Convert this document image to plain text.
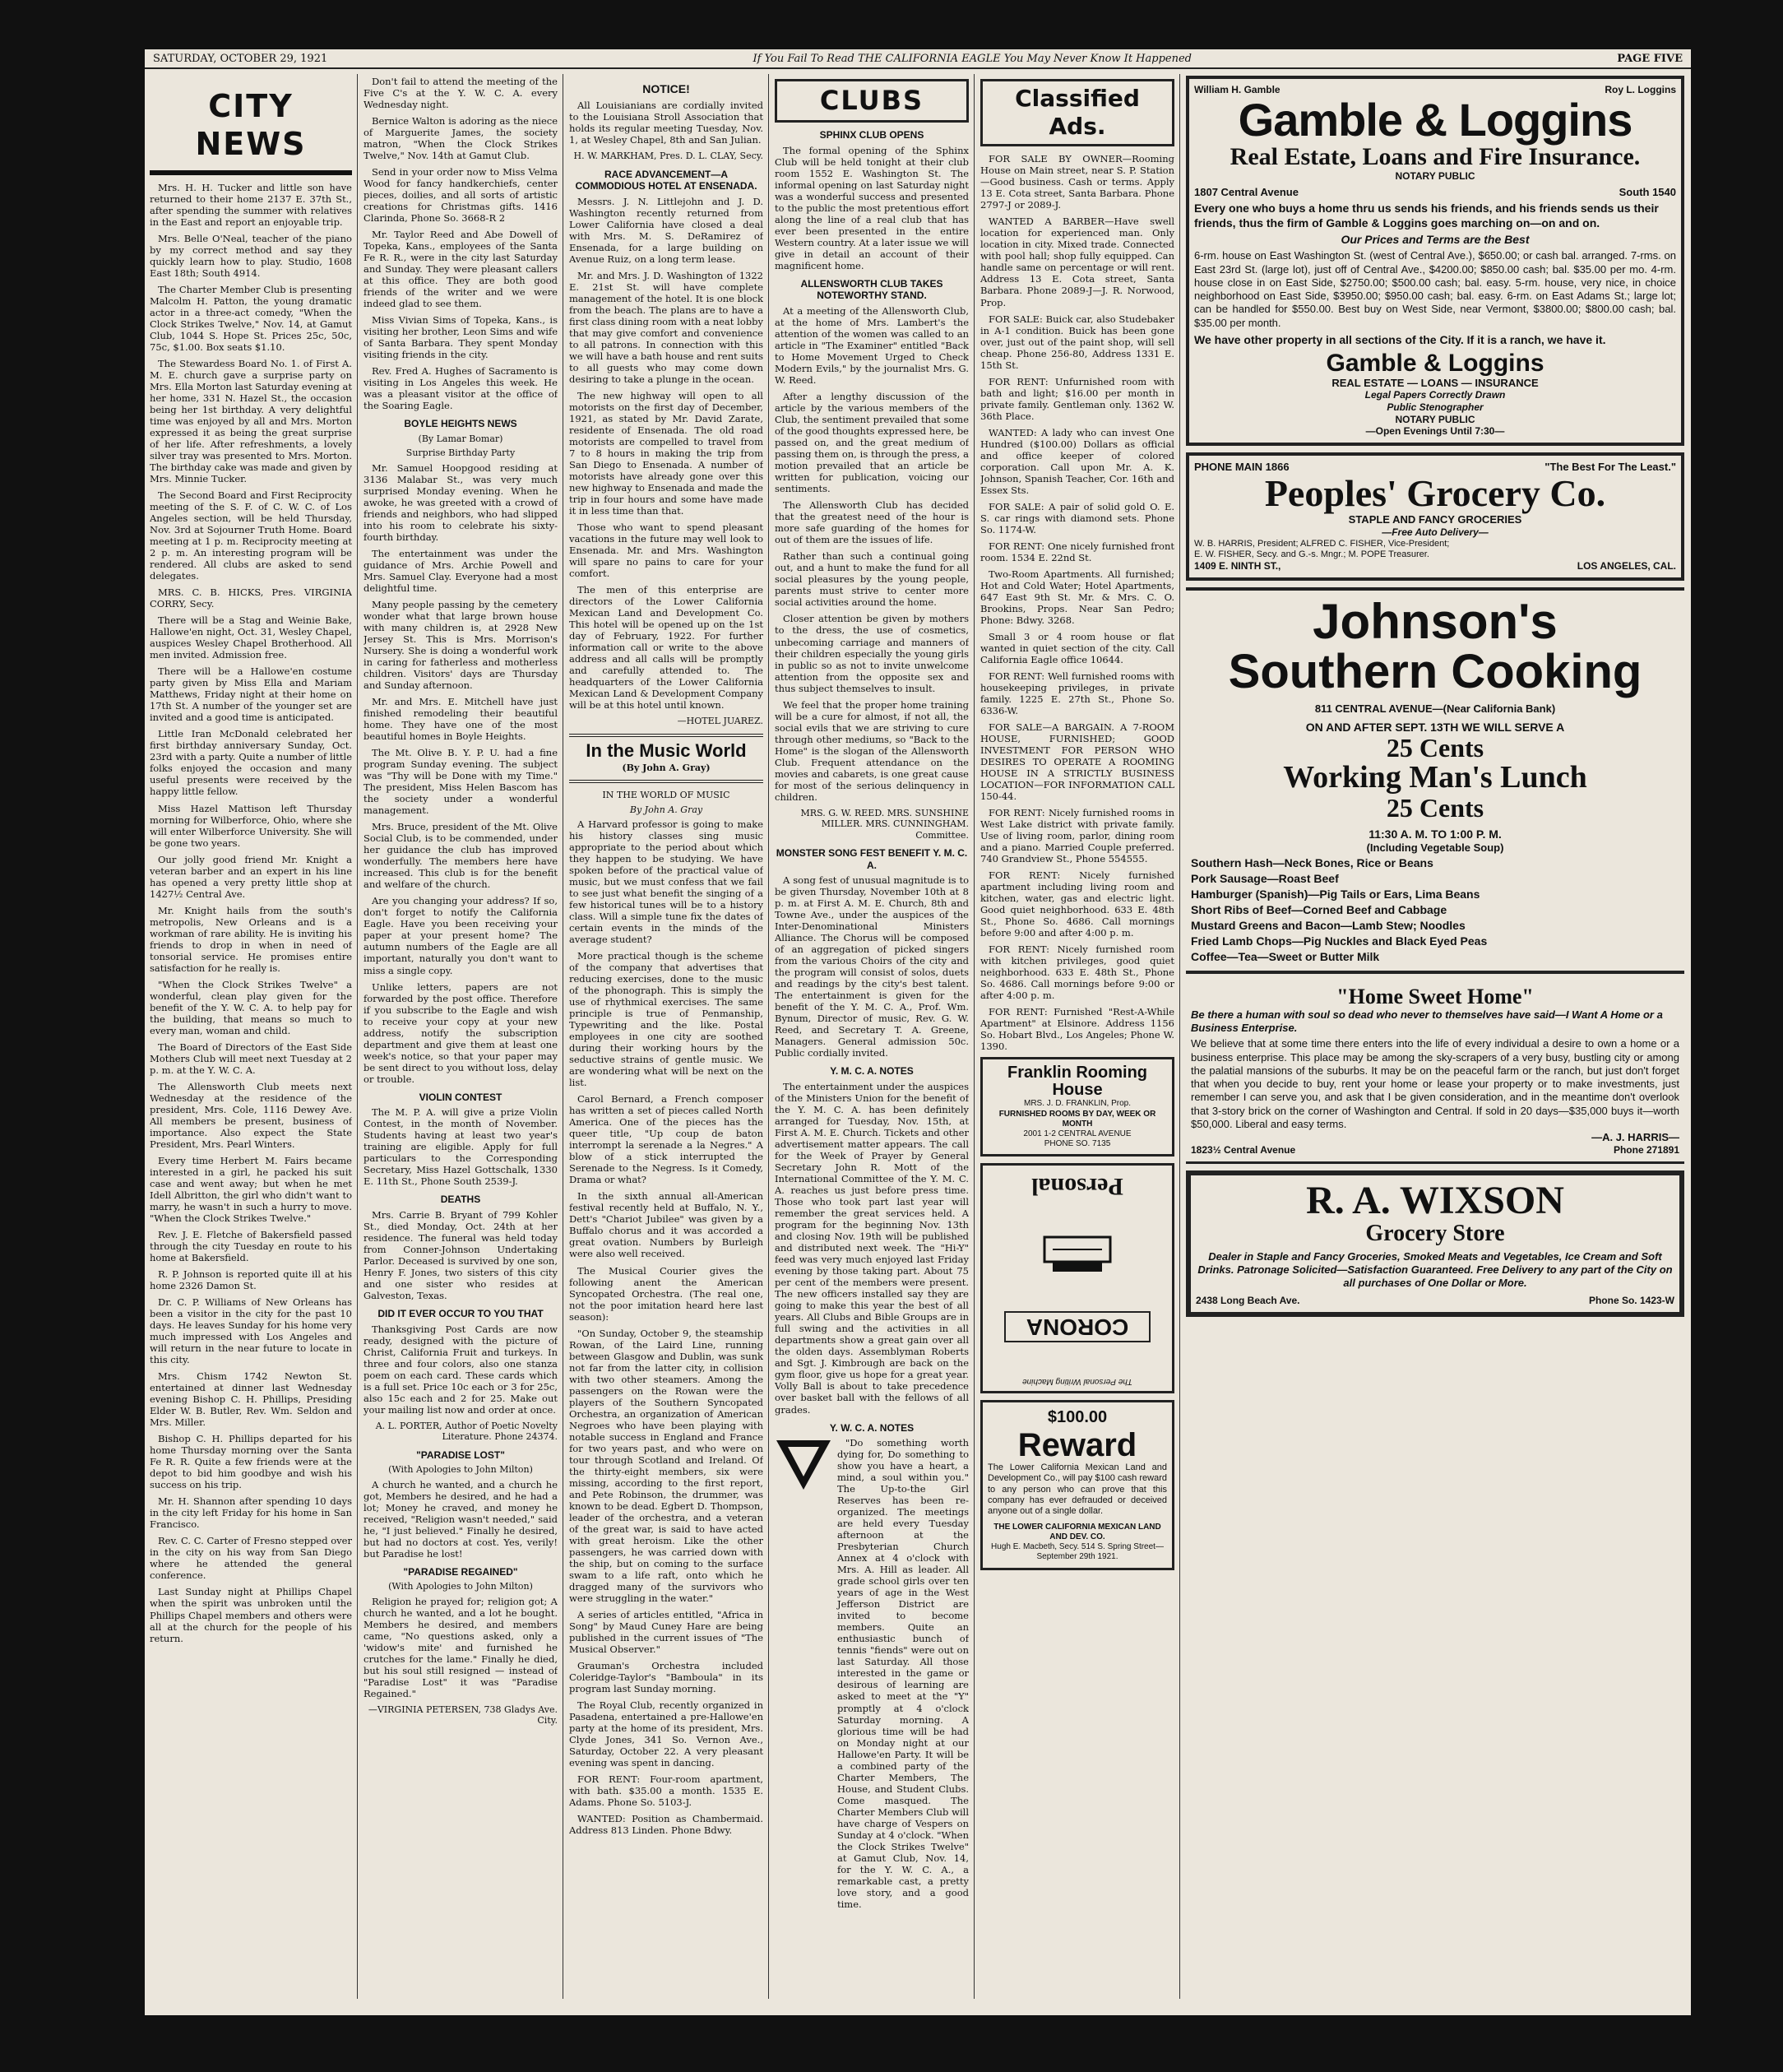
SATURDAY, OCTOBER 29, 1921	If You Fail To Read THE CALIFORNIA EAGLE You May Never Know It Happened	PAGE FIVE
CITY NEWS

Mrs. H. H. Tucker and little son have returned to their home 2137 E. 37th St., after spending the summer with relatives in the East and report an enjoyable trip.

Mrs. Belle O'Neal, teacher of the piano by my correct method and say they quickly learn how to play. Studio, 1608 East 18th; South 4914.

The Charter Member Club is presenting Malcolm H. Patton, the young dramatic actor in a three-act comedy, "When the Clock Strikes Twelve," Nov. 14, at Gamut Club, 1044 S. Hope St. Prices 25c, 50c, 75c, $1.00. Box seats $1.10.

The Stewardess Board No. 1. of First A. M. E. church gave a surprise party on Mrs. Ella Morton last Saturday evening at her home, 331 N. Hazel St., the occasion being her 1st birthday. A very delightful time was enjoyed by all and Mrs. Morton expressed it as being the great surprise of her life. After refreshments, a lovely silver tray was presented to Mrs. Morton. The birthday cake was made and given by Mrs. Minnie Tucker.

The Second Board and First Reciprocity meeting of the S. F. of C. W. C. of Los Angeles section, will be held Thursday, Nov. 3rd at Sojourner Truth Home. Board meeting at 1 p. m. Reciprocity meeting at 2 p. m. An interesting program will be rendered. All clubs are asked to send delegates.

MRS. C. B. HICKS, Pres. VIRGINIA CORRY, Secy.

There will be a Stag and Weinie Bake, Hallowe'en night, Oct. 31, Wesley Chapel, auspices Wesley Chapel Brotherhood. All men invited. Admission free.

There will be a Hallowe'en costume party given by Miss Ella and Mariam Matthews, Friday night at their home on 17th St. A number of the younger set are invited and a good time is anticipated.

Little Iran McDonald celebrated her first birthday anniversary Sunday, Oct. 23rd with a party. Quite a number of little folks enjoyed the occasion and many useful presents were received by the happy little fellow.

Miss Hazel Mattison left Thursday morning for Wilberforce, Ohio, where she will enter Wilberforce University. She will be gone two years.

Our jolly good friend Mr. Knight a veteran barber and an expert in his line has opened a very pretty little shop at 1427½ Central Ave.

Mr. Knight hails from the south's metropolis, New Orleans and is a workman of rare ability. He is inviting his friends to drop in when in need of tonsorial service. He promises entire satisfaction for he really is.

"When the Clock Strikes Twelve" a wonderful, clean play given for the benefit of the Y. W. C. A. to help pay for the building, that means so much to every man, woman and child.

The Board of Directors of the East Side Mothers Club will meet next Tuesday at 2 p. m. at the Y. W. C. A.

The Allensworth Club meets next Wednesday at the residence of the president, Mrs. Cole, 1116 Dewey Ave. All members be present, business of importance. Also expect the State President, Mrs. Pearl Winters.

Every time Herbert M. Fairs became interested in a girl, he packed his suit case and went away; but when he met Idell Albritton, the girl who didn't want to marry, he wasn't in such a hurry to move. "When the Clock Strikes Twelve."

Rev. J. E. Fletche of Bakersfield passed through the city Tuesday en route to his home at Bakersfield.

R. P. Johnson is reported quite ill at his home 2326 Damon St.

Dr. C. P. Williams of New Orleans has been a visitor in the city for the past 10 days. He leaves Sunday for his home very much impressed with Los Angeles and will return in the near future to locate in this city.

Mrs. Chism 1742 Newton St. entertained at dinner last Wednesday evening Bishop C. H. Phillips, Presiding Elder W. B. Butler, Rev. Wm. Seldon and Mrs. Miller.

Bishop C. H. Phillips departed for his home Thursday morning over the Santa Fe R. R. Quite a few friends were at the depot to bid him goodbye and wish his success on his trip.

Mr. H. Shannon after spending 10 days in the city left Friday for his home in San Francisco.

Rev. C. C. Carter of Fresno stepped over in the city on his way from San Diego where he attended the general conference.

Last Sunday night at Phillips Chapel when the spirit was unbroken until the Phillips Chapel members and others were all at the church for the people of his return.

Don't fail to attend the meeting of the Five C's at the Y. W. C. A. every Wednesday night.

Bernice Walton is adoring as the niece of Marguerite James, the society matron, "When the Clock Strikes Twelve," Nov. 14th at Gamut Club.

Send in your order now to Miss Velma Wood for fancy handkerchiefs, center pieces, doilies, and all sorts of artistic creations for Christmas gifts. 1416 Clarinda, Phone So. 3668-R 2

Mr. Taylor Reed and Abe Dowell of Topeka, Kans., employees of the Santa Fe R. R., were in the city last Saturday and Sunday. They were pleasant callers at this office. They are both good friends of the writer and we were indeed glad to see them.

Miss Vivian Sims of Topeka, Kans., is visiting her brother, Leon Sims and wife of Santa Barbara. They spent Monday visiting friends in the city.

Rev. Fred A. Hughes of Sacramento is visiting in Los Angeles this week. He was a pleasant visitor at the office of the Soaring Eagle.

BOYLE HEIGHTS NEWS
(By Lamar Bomar)
Surprise Birthday Party

Mr. Samuel Hoopgood residing at 3136 Malabar St., was very much surprised Monday evening. When he awoke, he was greeted with a crowd of friends and neighbors, who had slipped into his room to celebrate his sixty-fourth birthday.

The entertainment was under the guidance of Mrs. Archie Powell and Mrs. Samuel Clay. Everyone had a most delightful time.

Many people passing by the cemetery wonder what that large brown house with many children is, at 2928 New Jersey St. This is Mrs. Morrison's Nursery. She is doing a wonderful work in caring for fatherless and motherless children. Visitors' days are Thursday and Sunday afternoon.

Mr. and Mrs. E. Mitchell have just finished remodeling their beautiful home. They have one of the most beautiful homes in Boyle Heights.

The Mt. Olive B. Y. P. U. had a fine program Sunday evening. The subject was "Thy will be Done with my Time." The president, Miss Helen Bascom has the society under a wonderful management.

Mrs. Bruce, president of the Mt. Olive Social Club, is to be commended, under her guidance the club has improved wonderfully. The members here have increased. This club is for the benefit and welfare of the church.

Are you changing your address? If so, don't forget to notify the California Eagle. Have you been receiving your paper at your present home? The autumn numbers of the Eagle are all important, naturally you don't want to miss a single copy.

Unlike letters, papers are not forwarded by the post office. Therefore if you subscribe to the Eagle and wish to receive your copy at your new address, notify the subscription department and give them at least one week's notice, so that your paper may be sent direct to you without loss, delay or trouble.

VIOLIN CONTEST

The M. P. A. will give a prize Violin Contest, in the month of November. Students having at least two year's training are eligible. Apply for full particulars to the Corresponding Secretary, Miss Hazel Gottschalk, 1330 E. 11th St., Phone South 2539-J.

DEATHS

Mrs. Carrie B. Bryant of 799 Kohler St., died Monday, Oct. 24th at her residence. The funeral was held today from Conner-Johnson Undertaking Parlor. Deceased is survived by one son, Henry F. Jones, two sisters of this city and one sister who resides at Galveston, Texas.

DID IT EVER OCCUR TO YOU THAT

Thanksgiving Post Cards are now ready, designed with the picture of Christ, California Fruit and turkeys. In three and four colors, also one stanza poem on each card. These cards which is a full set. Price 10c each or 3 for 25c, also 15c each and 2 for 25. Make out your mailing list now and order at once.

A. L. PORTER, Author of Poetic Novelty Literature. Phone 24374.
"PARADISE LOST"
(With Apologies to John Milton)

A church he wanted, and a church he got, Members he desired, and he had a lot; Money he craved, and money he received, "Religion wasn't needed," said he, "I just believed." Finally he desired, but had no doctors at cost. Yes, verily! but Paradise he lost!

"PARADISE REGAINED"
(With Apologies to John Milton)

Religion he prayed for; religion got; A church he wanted, and a lot he bought. Members he desired, and members came, "No questions asked, only a 'widow's mite' and furnished he crutches for the lame." Finally he died, but his soul still resigned — instead of "Paradise Lost" it was "Paradise Regained."

—VIRGINIA PETERSEN, 738 Gladys Ave. City.
NOTICE!

All Louisianians are cordially invited to the Louisiana Stroll Association that holds its regular meeting Tuesday, Nov. 1, at Wesley Chapel, 8th and San Julian.

H. W. MARKHAM, Pres. D. L. CLAY, Secy.
RACE ADVANCEMENT—A COMMODIOUS HOTEL AT ENSENADA.

Messrs. J. N. Littlejohn and J. D. Washington recently returned from Lower California have closed a deal with Mrs. M. S. DeRamirez of Ensenada, for a large building on Avenue Ruiz, on a long term lease.

Mr. and Mrs. J. D. Washington of 1322 E. 21st St. will have complete management of the hotel. It is one block from the beach. The plans are to have a first class dining room with a neat lobby that may give comfort and convenience to all patrons. In connection with this we will have a bath house and rent suits to all guests who may come down desiring to take a plunge in the ocean.

The new highway will open to all motorists on the first day of December, 1921, as stated by Mr. David Zarate, residente of Ensenada. The old road motorists are compelled to travel from 7 to 8 hours in making the trip from San Diego to Ensenada. A number of motorists have already gone over this new highway to Ensenada and made the trip in four hours and some have made it in less time than that.

Those who want to spend pleasant vacations in the future may well look to Ensenada. Mr. and Mrs. Washington will spare no pains to care for your comfort.

The men of this enterprise are directors of the Lower California Mexican Land and Development Co. This hotel will be opened up on the 1st day of February, 1922. For further information call or write to the above address and all calls will be promptly and carefully attended to. The headquarters of the Lower California Mexican Land & Development Company will be at this hotel until known.

—HOTEL JUAREZ.
In the Music World
(By John A. Gray)
IN THE WORLD OF MUSIC
By John A. Gray

A Harvard professor is going to make his history classes sing music appropriate to the period about which they happen to be studying. We have spoken before of the practical value of music, but we must confess that we fail to see just what benefit the singing of a few historical tunes will be to a history class. Will a simple tune fix the dates of certain events in the minds of the average student?

More practical though is the scheme of the company that advertises that reducing exercises, done to the music of the phonograph. This is simply the use of rhythmical exercises. The same principle is true of Penmanship, Typewriting and the like. Postal employees in one city are soothed during their working hours by the seductive strains of gentle music. We are wondering what will be next on the list.

Carol Bernard, a French composer has written a set of pieces called North America. One of the pieces has the queer title, "Up coup de baton interrompt la serenade a la Negres." A blow of a stick interrupted the Serenade to the Negress. Is it Comedy, Drama or what?

In the sixth annual all-American festival recently held at Buffalo, N. Y., Dett's "Chariot Jubilee" was given by a Buffalo chorus and it was accorded a great ovation. Numbers by Burleigh were also well received.

The Musical Courier gives the following anent the American Syncopated Orchestra. (The real one, not the poor imitation heard here last season):

"On Sunday, October 9, the steamship Rowan, of the Laird Line, running between Glasgow and Dublin, was sunk not far from the latter city, in collision with two other steamers. Among the passengers on the Rowan were the players of the Southern Syncopated Orchestra, an organization of American Negroes who have been playing with notable success in England and France for two years past, and who were on tour through Scotland and Ireland. Of the thirty-eight members, six were missing, according to the first report, and Pete Robinson, the drummer, was known to be dead. Egbert D. Thompson, leader of the orchestra, and a veteran of the great war, is said to have acted with great heroism. Like the other passengers, he was carried down with the ship, but on coming to the surface swam to a life raft, onto which he dragged many of the survivors who were struggling in the water."

A series of articles entitled, "Africa in Song" by Maud Cuney Hare are being published in the current issues of "The Musical Observer."

Grauman's Orchestra included Coleridge-Taylor's "Bamboula" in its program last Sunday morning.

The Royal Club, recently organized in Pasadena, entertained a pre-Hallowe'en party at the home of its president, Mrs. Clyde Jones, 341 So. Vernon Ave., Saturday, October 22. A very pleasant evening was spent in dancing.

FOR RENT: Four-room apartment, with bath. $35.00 a month. 1535 E. Adams. Phone So. 5103-J.

WANTED: Position as Chambermaid. Address 813 Linden. Phone Bdwy.

CLUBS
SPHINX CLUB OPENS

The formal opening of the Sphinx Club will be held tonight at their club room 1552 E. Washington St. The informal opening on last Saturday night was a wonderful success and presented to the public the most pretentious effort along the line of a real club that has ever been presented in the entire Western country. At a later issue we will give in detail an account of their magnificent home.

ALLENSWORTH CLUB TAKES NOTEWORTHY STAND.

At a meeting of the Allensworth Club, at the home of Mrs. Lambert's the attention of the women was called to an article in "The Examiner" entitled "Back to Home Movement Urged to Check Modern Evils," by the journalist Mrs. G. W. Reed.

After a lengthy discussion of the article by the various members of the Club, the sentiment prevailed that some of the good thoughts expressed here, be passed on, and the great medium of passing them on, is through the press, a motion prevailed that an article be written for publication, voicing our sentiments.

The Allensworth Club has decided that the greatest need of the hour is more safe guarding of the homes for out of them are the issues of life.

Rather than such a continual going out, and a hunt to make the fund for all social pleasures by the young people, parents must strive to center more social activities around the home.

Closer attention be given by mothers to the dress, the use of cosmetics, unbecoming carriage and manners of their children especially the young girls in public so as not to invite unwelcome attention from the opposite sex and thus subject themselves to insult.

We feel that the proper home training will be a cure for almost, if not all, the social evils that we are striving to cure through other mediums, so "Back to the Home" is the slogan of the Allensworth Club. Frequent attendance on the movies and cabarets, is one great cause for most of the serious delinquency in children.

MRS. G. W. REED. MRS. SUNSHINE MILLER. MRS. CUNNINGHAM. Committee.
MONSTER SONG FEST BENEFIT Y. M. C. A.

A song fest of unusual magnitude is to be given Thursday, November 10th at 8 p. m. at First A. M. E. Church, 8th and Towne Ave., under the auspices of the Inter-Denominational Ministers Alliance. The Chorus will be composed of an aggregation of picked singers from the various Choirs of the city and the program will consist of solos, duets and readings by the city's best talent. The entertainment is given for the benefit of the Y. M. C. A., Prof. Wm. Bynum, Director of music, Rev. G. W. Reed, and Secretary T. A. Greene, Managers. General admission 50c. Public cordially invited.

Y. M. C. A. NOTES

The entertainment under the auspices of the Ministers Union for the benefit of the Y. M. C. A. has been definitely arranged for Tuesday, Nov. 15th, at First A. M. E. Church. Tickets and other advertisement matter appears. The call for the Week of Prayer by General Secretary John R. Mott of the International Committee of the Y. M. C. A. reaches us just before press time. Those who took part last year will remember the great services held. A program for the beginning Nov. 13th and closing Nov. 19th will be published and distributed next week. The "Hi-Y" feed was very much enjoyed last Friday evening by those taking part. About 75 per cent of the members were present. The new officers installed say they are going to make this year the best of all years. All Clubs and Bible Groups are in full swing and the activities in all departments show a great gain over all the olden days. Assemblyman Roberts and Sgt. J. Kimbrough are back on the gym floor, give us hope for a great year. Volly Ball is about to take precedence over basket ball with the fellows of all grades.

Y. W. C. A. NOTES

"Do something worth dying for, Do something to show you have a heart, a mind, a soul within you." The Up-to-the Girl Reserves has been re-organized. The meetings are held every Tuesday afternoon at the Presbyterian Church Annex at 4 o'clock with Mrs. A. Hill as leader. All grade school girls over ten years of age in the West Jefferson District are invited to become members. Quite an enthusiastic bunch of tennis "fiends" were out on last Saturday. All those interested in the game or desirous of learning are asked to meet at the "Y" promptly at 4 o'clock Saturday morning. A glorious time will be had on Monday night at our Hallowe'en Party. It will be a combined party of the Charter Members, The House, and Student Clubs. Come masqued. The Charter Members Club will have charge of Vespers on Sunday at 4 o'clock. "When the Clock Strikes Twelve" at Gamut Club, Nov. 14, for the Y. W. C. A., a remarkable cast, a pretty love story, and a good time.

Classified Ads.

FOR SALE BY OWNER—Rooming House on Main street, near S. P. Station—Good business. Cash or terms. Apply 13 E. Cota street, Santa Barbara. Phone 2797-J or 2089-J.

WANTED A BARBER—Have swell location for experienced man. Only location in city. Mixed trade. Connected with pool hall; shop fully equipped. Can handle same on percentage or will rent. Address 13 E. Cota street, Santa Barbara. Phone 2089-J—J. R. Norwood, Prop.

FOR SALE: Buick car, also Studebaker in A-1 condition. Buick has been gone over, just out of the paint shop, will sell cheap. Phone 256-80, Address 1331 E. 15th St.

FOR RENT: Unfurnished room with bath and light; $16.00 per month in private family. Gentleman only. 1362 W. 36th Place.

WANTED: A lady who can invest One Hundred ($100.00) Dollars as official and office keeper of colored corporation. Call upon Mr. A. K. Johnson, Spanish Teacher, Cor. 16th and Essex Sts.

FOR SALE: A pair of solid gold O. E. S. car rings with diamond sets. Phone So. 1174-W.

FOR RENT: One nicely furnished front room. 1534 E. 22nd St.

Two-Room Apartments. All furnished; Hot and Cold Water; Hotel Apartments, 647 East 9th St. Mr. & Mrs. C. O. Brookins, Props. Near San Pedro; Phone: Bdwy. 3268.

Small 3 or 4 room house or flat wanted in quiet section of the city. Call California Eagle office 10644.

FOR RENT: Well furnished rooms with housekeeping privileges, in private family. 1225 E. 27th St., Phone So. 6336-W.

FOR SALE—A BARGAIN. A 7-ROOM HOUSE, FURNISHED; GOOD INVESTMENT FOR PERSON WHO DESIRES TO OPERATE A ROOMING HOUSE IN A STRICTLY BUSINESS LOCATION—FOR INFORMATION CALL 150-44.

FOR RENT: Nicely furnished rooms in West Lake district with private family. Use of living room, parlor, dining room and a piano. Married Couple preferred. 740 Grandview St., Phone 554555.

FOR RENT: Nicely furnished apartment including living room and kitchen, water, gas and electric light. Good quiet neighborhood. 633 E. 48th St., Phone So. 4686. Call mornings before 9:00 and after 4:00 p. m.

FOR RENT: Nicely furnished room with kitchen privileges, good quiet neighborhood. 633 E. 48th St., Phone So. 4686. Call mornings before 9:00 or after 4:00 p. m.

FOR RENT: Furnished "Rest-A-While Apartment" at Elsinore. Address 1156 So. Hobart Blvd., Los Angeles; Phone W. 1390.

Franklin Rooming House
MRS. J. D. FRANKLIN, Prop.
FURNISHED ROOMS BY DAY, WEEK OR MONTH
2001 1-2 CENTRAL AVENUE
PHONE SO. 7135
The Personal Writing Machine
CORONA
Personal
$100.00
Reward

The Lower California Mexican Land and Development Co., will pay $100 cash reward to any person who can prove that this company has ever defrauded or deceived anyone out of a single dollar.

THE LOWER CALIFORNIA MEXICAN LAND AND DEV. CO.
Hugh E. Macbeth, Secy. 514 S. Spring Street—September 29th 1921.
William H. Gamble	Roy L. Loggins
Gamble & Loggins
Real Estate, Loans and Fire Insurance.
NOTARY PUBLIC
1807 Central Avenue	South 1540
Every one who buys a home thru us sends his friends, and his friends sends us their friends, thus the firm of Gamble & Loggins goes marching on—on and on.
Our Prices and Terms are the Best
6-rm. house on East Washington St. (west of Central Ave.), $650.00; or cash bal. arranged. 7-rms. on East 23rd St. (large lot), just off of Central Ave., $4200.00; $850.00 cash; bal. $35.00 per mo. 4-rm. house close in on East Side, $2750.00; $500.00 cash; bal. easy. 5-rm. house, very nice, in choice neighborhood on East Side, $3950.00; $950.00 cash; bal. easy. 6-rm. on East Adams St.; large lot; can be handled for $550.00. Best buy on West Side, near Vermont, $3800.00; $800.00 cash; bal. $35.00 per month.
We have other property in all sections of the City. If it is a ranch, we have it.
Gamble & Loggins
REAL ESTATE — LOANS — INSURANCE
Legal Papers Correctly Drawn
Public Stenographer
NOTARY PUBLIC
—Open Evenings Until 7:30—
PHONE MAIN 1866	"The Best For The Least."
Peoples' Grocery Co.
STAPLE AND FANCY GROCERIES
—Free Auto Delivery—
W. B. HARRIS, President; ALFRED C. FISHER, Vice-President;
E. W. FISHER, Secy. and G.-s. Mngr.; M. POPE Treasurer.
1409 E. NINTH ST.,	LOS ANGELES, CAL.
Johnson's
Southern Cooking
811 CENTRAL AVENUE—(Near California Bank)
ON AND AFTER SEPT. 13TH WE WILL SERVE A
25 Cents
Working Man's Lunch
25 Cents
11:30 A. M. TO 1:00 P. M.
(Including Vegetable Soup)

Southern Hash—Neck Bones, Rice or Beans

Pork Sausage—Roast Beef

Hamburger (Spanish)—Pig Tails or Ears, Lima Beans

Short Ribs of Beef—Corned Beef and Cabbage

Mustard Greens and Bacon—Lamb Stew; Noodles

Fried Lamb Chops—Pig Nuckles and Black Eyed Peas

Coffee—Tea—Sweet or Butter Milk

"Home Sweet Home"
Be there a human with soul so dead who never to themselves have said—I Want A Home or a Business Enterprise.
We believe that at some time there enters into the life of every individual a desire to own a home or a business enterprise. This place may be among the sky-scrapers of a very busy, bustling city or among the palatial mansions of the suburbs. It may be on the peaceful farm or the ranch, but just don't forget that when you decide to buy, rent your home or lease your property or to make investments, just remember I can serve you, and ask that I be given consideration, and in the meantime don't overlook that 3-story brick on the corner of Washington and Central. If sold in 20 days—$35,000 buys it—worth $50,000. Liberal and easy terms.
—A. J. HARRIS—
1823½ Central Avenue	Phone 271891
R. A. WIXSON
Grocery Store
Dealer in Staple and Fancy Groceries, Smoked Meats and Vegetables, Ice Cream and Soft Drinks. Patronage Solicited—Satisfaction Guaranteed. Free Delivery to any part of the City on all purchases of One Dollar or More.
2438 Long Beach Ave.	Phone So. 1423-W
